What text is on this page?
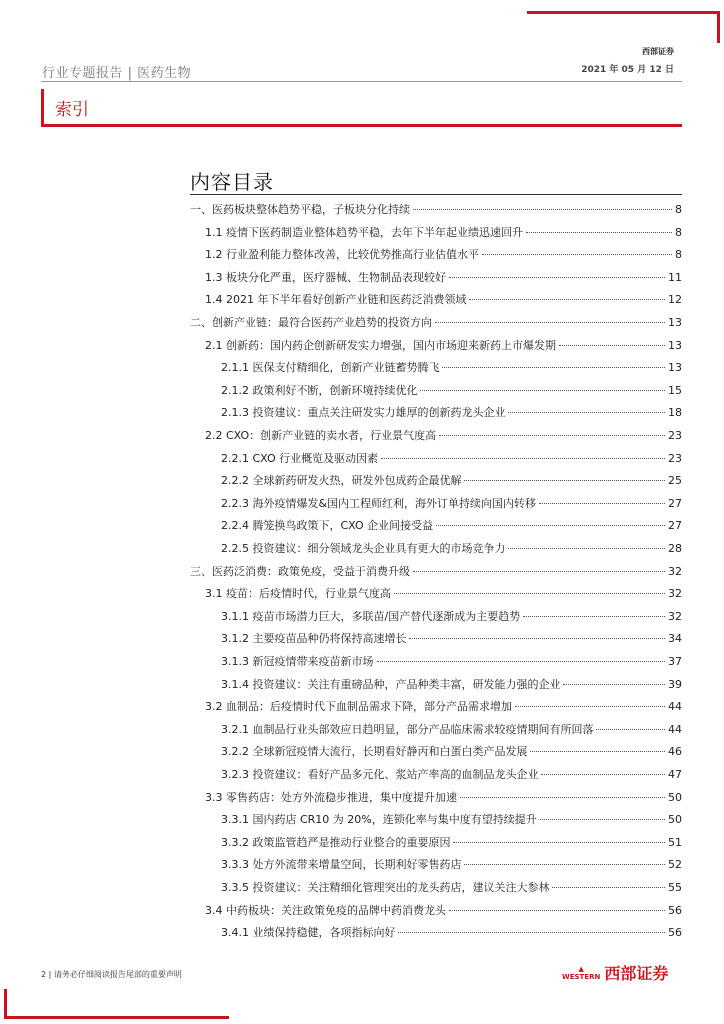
西部证券
行业专题报告 | 医药生物	2021 年 05 月 12 日
索引
内容目录
一、医药板块整体趋势平稳，子板块分化持续	8
1.1 疫情下医药制造业整体趋势平稳，去年下半年起业绩迅速回升	8
1.2 行业盈利能力整体改善，比较优势推高行业估值水平	8
1.3 板块分化严重，医疗器械、生物制品表现较好	11
1.4 2021 年下半年看好创新产业链和医药泛消费领域	12
二、创新产业链：最符合医药产业趋势的投资方向	13
2.1 创新药：国内药企创新研发实力增强，国内市场迎来新药上市爆发期	13
2.1.1 医保支付精细化，创新产业链蓄势腾飞	13
2.1.2 政策利好不断，创新环境持续优化	15
2.1.3 投资建议：重点关注研发实力雄厚的创新药龙头企业	18
2.2 CXO：创新产业链的卖水者，行业景气度高	23
2.2.1 CXO 行业概览及驱动因素	23
2.2.2 全球新药研发火热，研发外包成药企最优解	25
2.2.3 海外疫情爆发&国内工程师红利，海外订单持续向国内转移	27
2.2.4 腾笼换鸟政策下，CXO 企业间接受益	27
2.2.5 投资建议：细分领域龙头企业具有更大的市场竞争力	28
三、医药泛消费：政策免疫，受益于消费升级	32
3.1 疫苗：后疫情时代，行业景气度高	32
3.1.1 疫苗市场潜力巨大，多联苗/国产替代逐渐成为主要趋势	32
3.1.2 主要疫苗品种仍将保持高速增长	34
3.1.3 新冠疫情带来疫苗新市场	37
3.1.4 投资建议：关注有重磅品种，产品种类丰富，研发能力强的企业	39
3.2 血制品：后疫情时代下血制品需求下降，部分产品需求增加	44
3.2.1 血制品行业头部效应日趋明显，部分产品临床需求较疫情期间有所回落	44
3.2.2 全球新冠疫情大流行，长期看好静丙和白蛋白类产品发展	46
3.2.3 投资建议：看好产品多元化、浆站产率高的血制品龙头企业	47
3.3 零售药店：处方外流稳步推进，集中度提升加速	50
3.3.1 国内药店 CR10 为 20%，连锁化率与集中度有望持续提升	50
3.3.2 政策监管趋严是推动行业整合的重要原因	51
3.3.3 处方外流带来增量空间，长期利好零售药店	52
3.3.5 投资建议：关注精细化管理突出的龙头药店，建议关注大参林	55
3.4 中药板块：关注政策免疫的品牌中药消费龙头	56
3.4.1 业绩保持稳健，各项指标向好	56
2 | 请务必仔细阅读报告尾部的重要声明
▲
WESTERN 西部证券
